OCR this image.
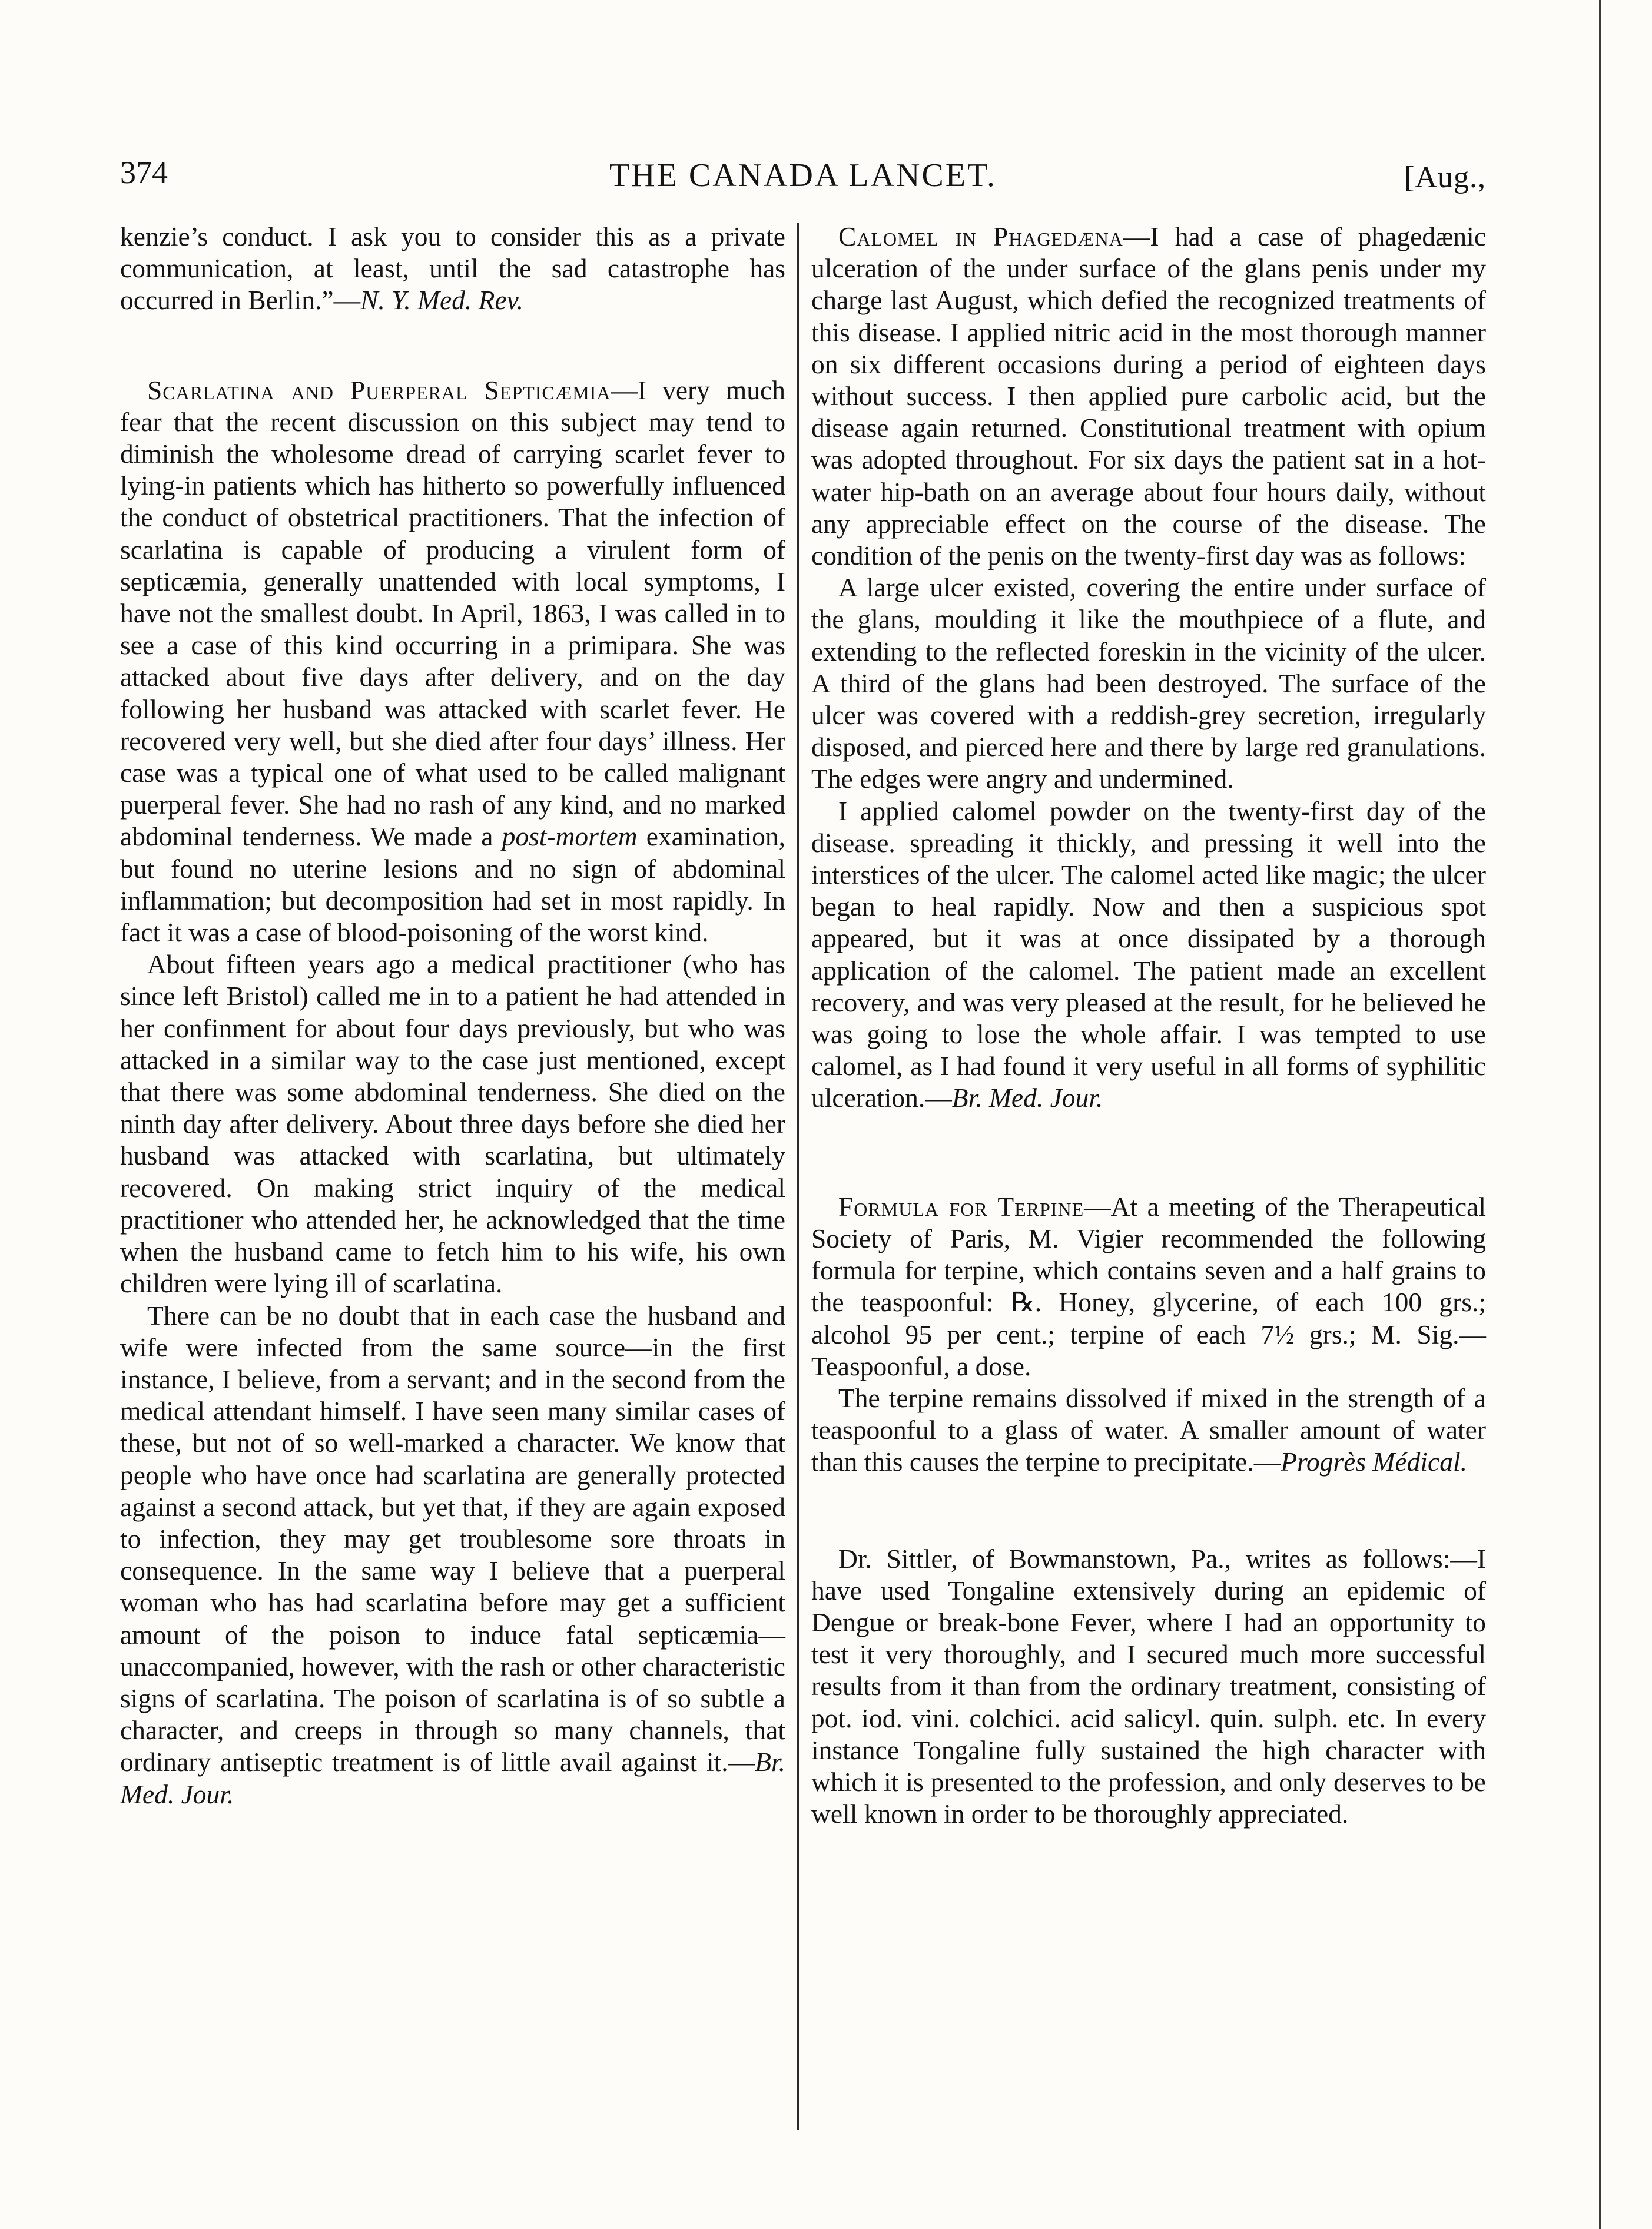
374	THE CANADA LANCET.	[Aug.,

kenzie’s conduct. I ask you to consider this as a private communication, at least, until the sad catastrophe has occurred in Berlin.”—N. Y. Med. Rev.

Scarlatina and Puerperal Septicæmia—I very much fear that the recent discussion on this subject may tend to diminish the wholesome dread of carrying scarlet fever to lying-in patients which has hitherto so powerfully influenced the conduct of obstetrical practitioners. That the infection of scarlatina is capable of producing a virulent form of septicæmia, generally unattended with local symptoms, I have not the smallest doubt. In April, 1863, I was called in to see a case of this kind occurring in a primipara. She was attacked about five days after delivery, and on the day following her husband was attacked with scarlet fever. He recovered very well, but she died after four days’ illness. Her case was a typical one of what used to be called malignant puerperal fever. She had no rash of any kind, and no marked abdominal tenderness. We made a post-mortem examination, but found no uterine lesions and no sign of abdominal inflammation; but decomposition had set in most rapidly. In fact it was a case of blood-poisoning of the worst kind.

About fifteen years ago a medical practitioner (who has since left Bristol) called me in to a patient he had attended in her confinment for about four days previously, but who was attacked in a similar way to the case just mentioned, except that there was some abdominal tenderness. She died on the ninth day after delivery. About three days before she died her husband was attacked with scarlatina, but ultimately recovered. On making strict inquiry of the medical practitioner who attended her, he acknowledged that the time when the husband came to fetch him to his wife, his own children were lying ill of scarlatina.

There can be no doubt that in each case the husband and wife were infected from the same source—in the first instance, I believe, from a servant; and in the second from the medical attendant himself. I have seen many similar cases of these, but not of so well-marked a character. We know that people who have once had scarlatina are generally protected against a second attack, but yet that, if they are again exposed to infection, they may get troublesome sore throats in consequence. In the same way I believe that a puerperal woman who has had scarlatina before may get a sufficient amount of the poison to induce fatal septicæmia—unaccompanied, however, with the rash or other characteristic signs of scarlatina. The poison of scarlatina is of so subtle a character, and creeps in through so many channels, that ordinary antiseptic treatment is of little avail against it.—Br. Med. Jour.

Calomel in Phagedæna—I had a case of phagedænic ulceration of the under surface of the glans penis under my charge last August, which defied the recognized treatments of this disease. I applied nitric acid in the most thorough manner on six different occasions during a period of eighteen days without success. I then applied pure carbolic acid, but the disease again returned. Constitutional treatment with opium was adopted throughout. For six days the patient sat in a hot-water hip-bath on an average about four hours daily, without any appreciable effect on the course of the disease. The condition of the penis on the twenty-first day was as follows:

A large ulcer existed, covering the entire under surface of the glans, moulding it like the mouthpiece of a flute, and extending to the reflected foreskin in the vicinity of the ulcer. A third of the glans had been destroyed. The surface of the ulcer was covered with a reddish-grey secretion, irregularly disposed, and pierced here and there by large red granulations. The edges were angry and undermined.

I applied calomel powder on the twenty-first day of the disease. spreading it thickly, and pressing it well into the interstices of the ulcer. The calomel acted like magic; the ulcer began to heal rapidly. Now and then a suspicious spot appeared, but it was at once dissipated by a thorough application of the calomel. The patient made an excellent recovery, and was very pleased at the result, for he believed he was going to lose the whole affair. I was tempted to use calomel, as I had found it very useful in all forms of syphilitic ulceration.—Br. Med. Jour.

Formula for Terpine—At a meeting of the Therapeutical Society of Paris, M. Vigier recommended the following formula for terpine, which contains seven and a half grains to the teaspoonful: ℞. Honey, glycerine, of each 100 grs.; alcohol 95 per cent.; terpine of each 7½ grs.; M. Sig.—Teaspoonful, a dose.

The terpine remains dissolved if mixed in the strength of a teaspoonful to a glass of water. A smaller amount of water than this causes the terpine to precipitate.—Progrès Médical.

Dr. Sittler, of Bowmanstown, Pa., writes as follows:—I have used Tongaline extensively during an epidemic of Dengue or break-bone Fever, where I had an opportunity to test it very thoroughly, and I secured much more successful results from it than from the ordinary treatment, consisting of pot. iod. vini. colchici. acid salicyl. quin. sulph. etc. In every instance Tongaline fully sustained the high character with which it is presented to the profession, and only deserves to be well known in order to be thoroughly appreciated.
